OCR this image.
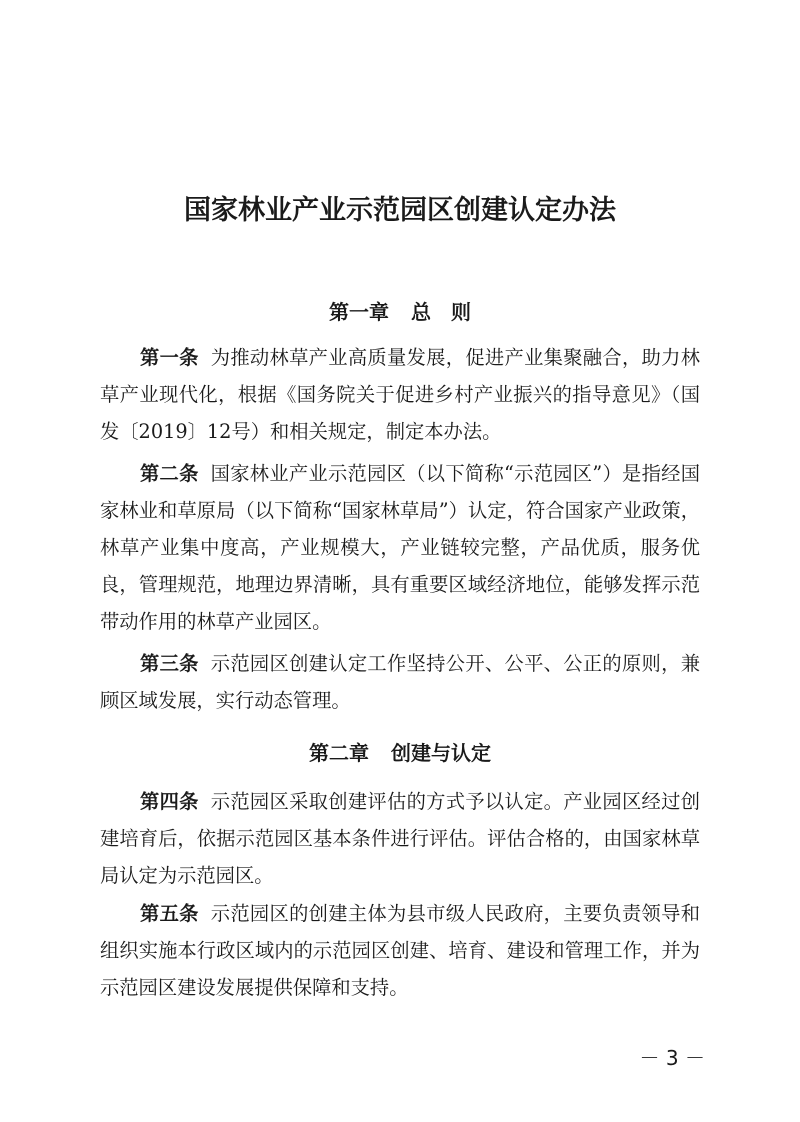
国家林业产业示范园区创建认定办法
第一章 总　则
第一条 为推动林草产业高质量发展，促进产业集聚融合，助力林草产业现代化，根据《国务院关于促进乡村产业振兴的指导意见》（国发〔2019〕12号）和相关规定，制定本办法。
第二条 国家林业产业示范园区（以下简称“示范园区”）是指经国家林业和草原局（以下简称“国家林草局”）认定，符合国家产业政策，林草产业集中度高，产业规模大，产业链较完整，产品优质，服务优良，管理规范，地理边界清晰，具有重要区域经济地位，能够发挥示范带动作用的林草产业园区。
第三条 示范园区创建认定工作坚持公开、公平、公正的原则，兼顾区域发展，实行动态管理。
第二章 创建与认定
第四条 示范园区采取创建评估的方式予以认定。产业园区经过创建培育后，依据示范园区基本条件进行评估。评估合格的，由国家林草局认定为示范园区。
第五条 示范园区的创建主体为县市级人民政府，主要负责领导和组织实施本行政区域内的示范园区创建、培育、建设和管理工作，并为示范园区建设发展提供保障和支持。
－ 3 －
